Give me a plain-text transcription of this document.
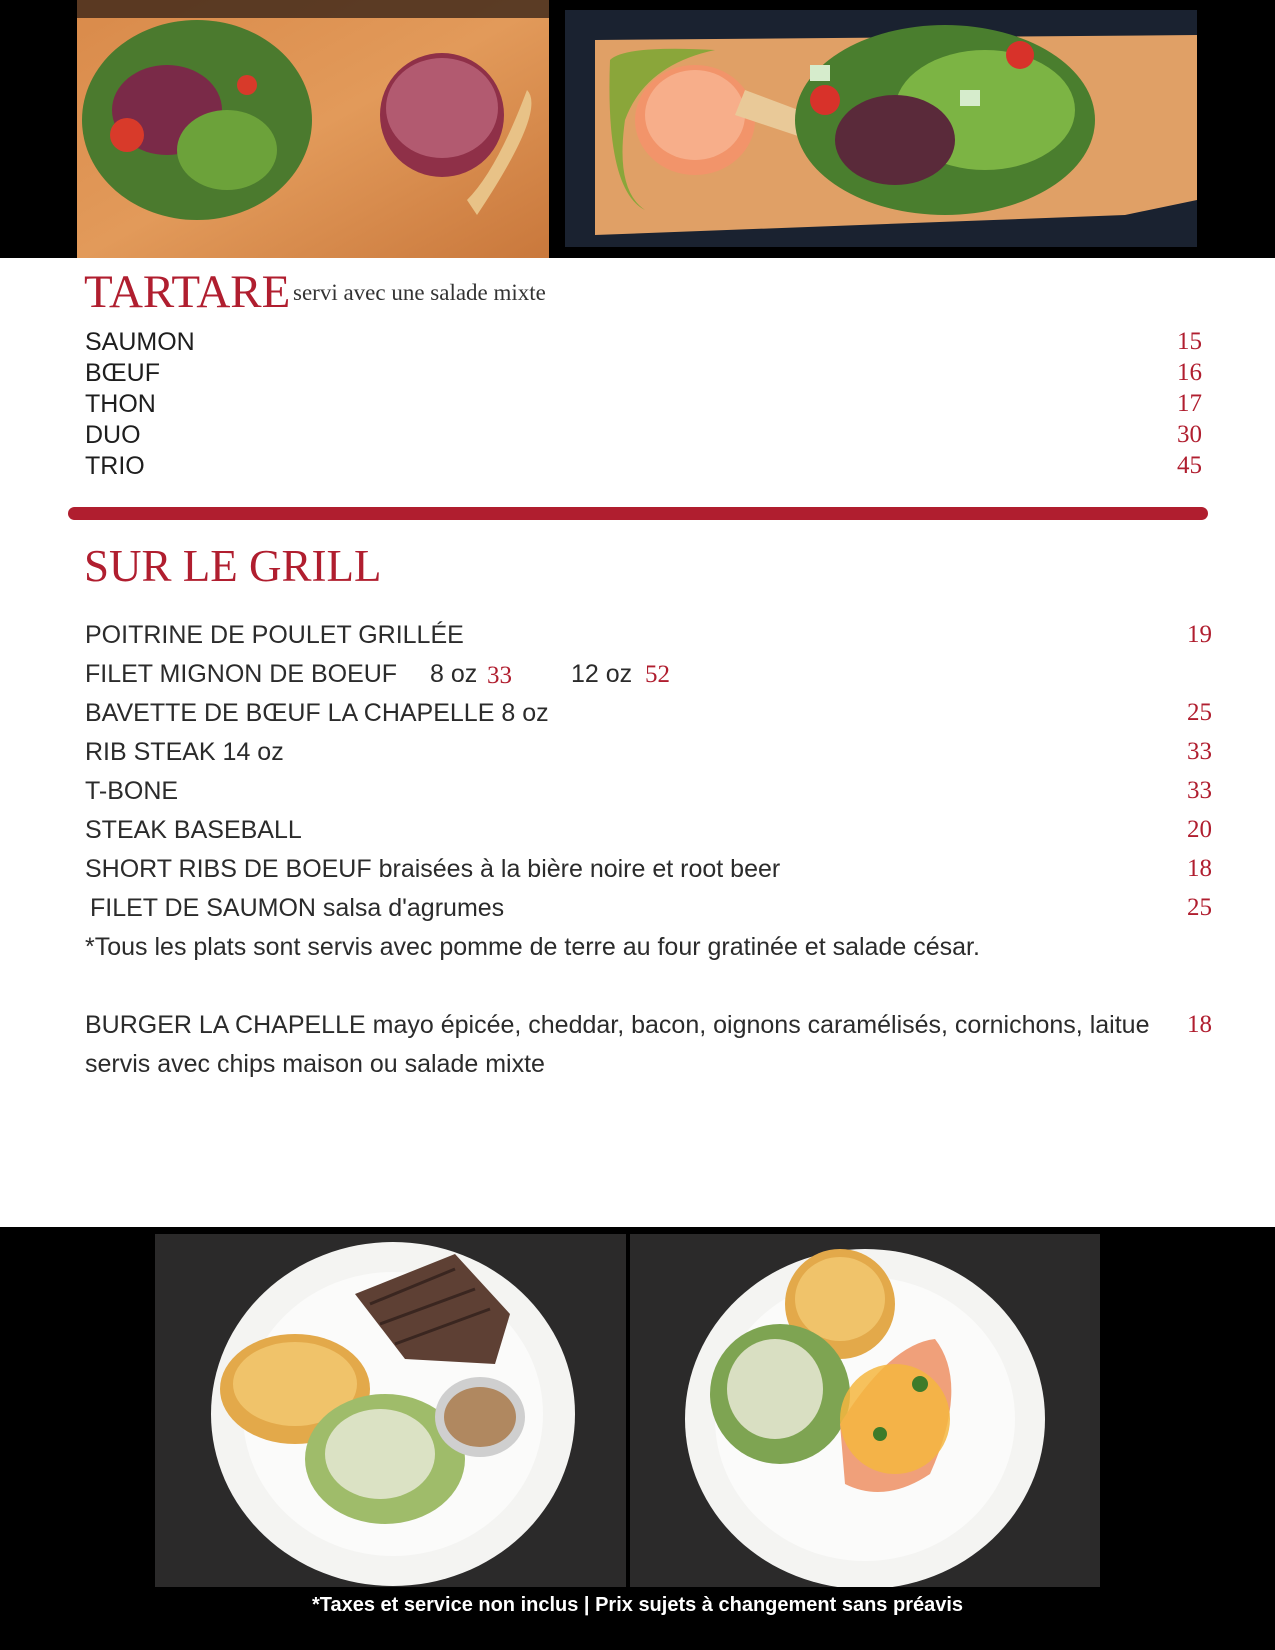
TARTARE servi avec une salade mixte
SAUMON	15
BŒUF	16
THON	17
DUO	30
TRIO	45
SUR LE GRILL
POITRINE DE POULET GRILLÉE	19
FILET MIGNON DE BOEUF 8 oz 33 12 oz 52
BAVETTE DE BŒUF LA CHAPELLE 8 oz	25
RIB STEAK 14 oz	33
T-BONE	33
STEAK BASEBALL	20
SHORT RIBS DE BOEUF braisées à la bière noire et root beer	18
FILET DE SAUMON salsa d'agrumes	25
*Tous les plats sont servis avec pomme de terre au four gratinée et salade césar.
BURGER LA CHAPELLE mayo épicée, cheddar, bacon, oignons caramélisés, cornichons, laitue	18
servis avec chips maison ou salade mixte
*Taxes et service non inclus | Prix sujets à changement sans préavis
